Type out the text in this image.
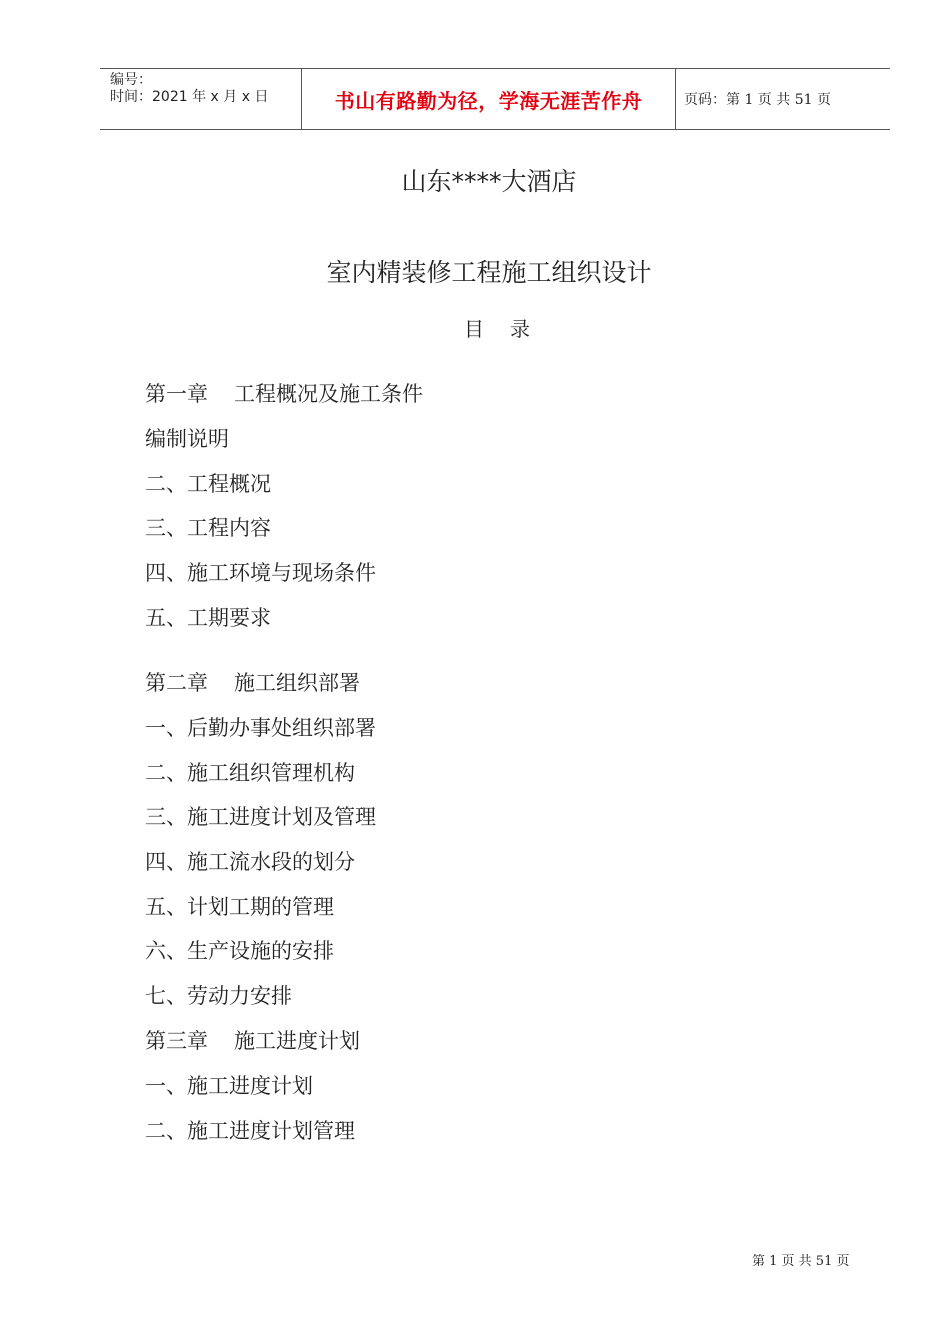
编号：
时间：2021 年 x 月 x 日	书山有路勤为径，学海无涯苦作舟	页码：第 1 页 共 51 页
山东****大酒店
室内精装修工程施工组织设计
目 录
第一章 工程概况及施工条件
编制说明
二、工程概况
三、工程内容
四、施工环境与现场条件
五、工期要求
第二章 施工组织部署
一、后勤办事处组织部署
二、施工组织管理机构
三、施工进度计划及管理
四、施工流水段的划分
五、计划工期的管理
六、生产设施的安排
七、劳动力安排
第三章 施工进度计划
一、施工进度计划
二、施工进度计划管理
第 1 页 共 51 页
